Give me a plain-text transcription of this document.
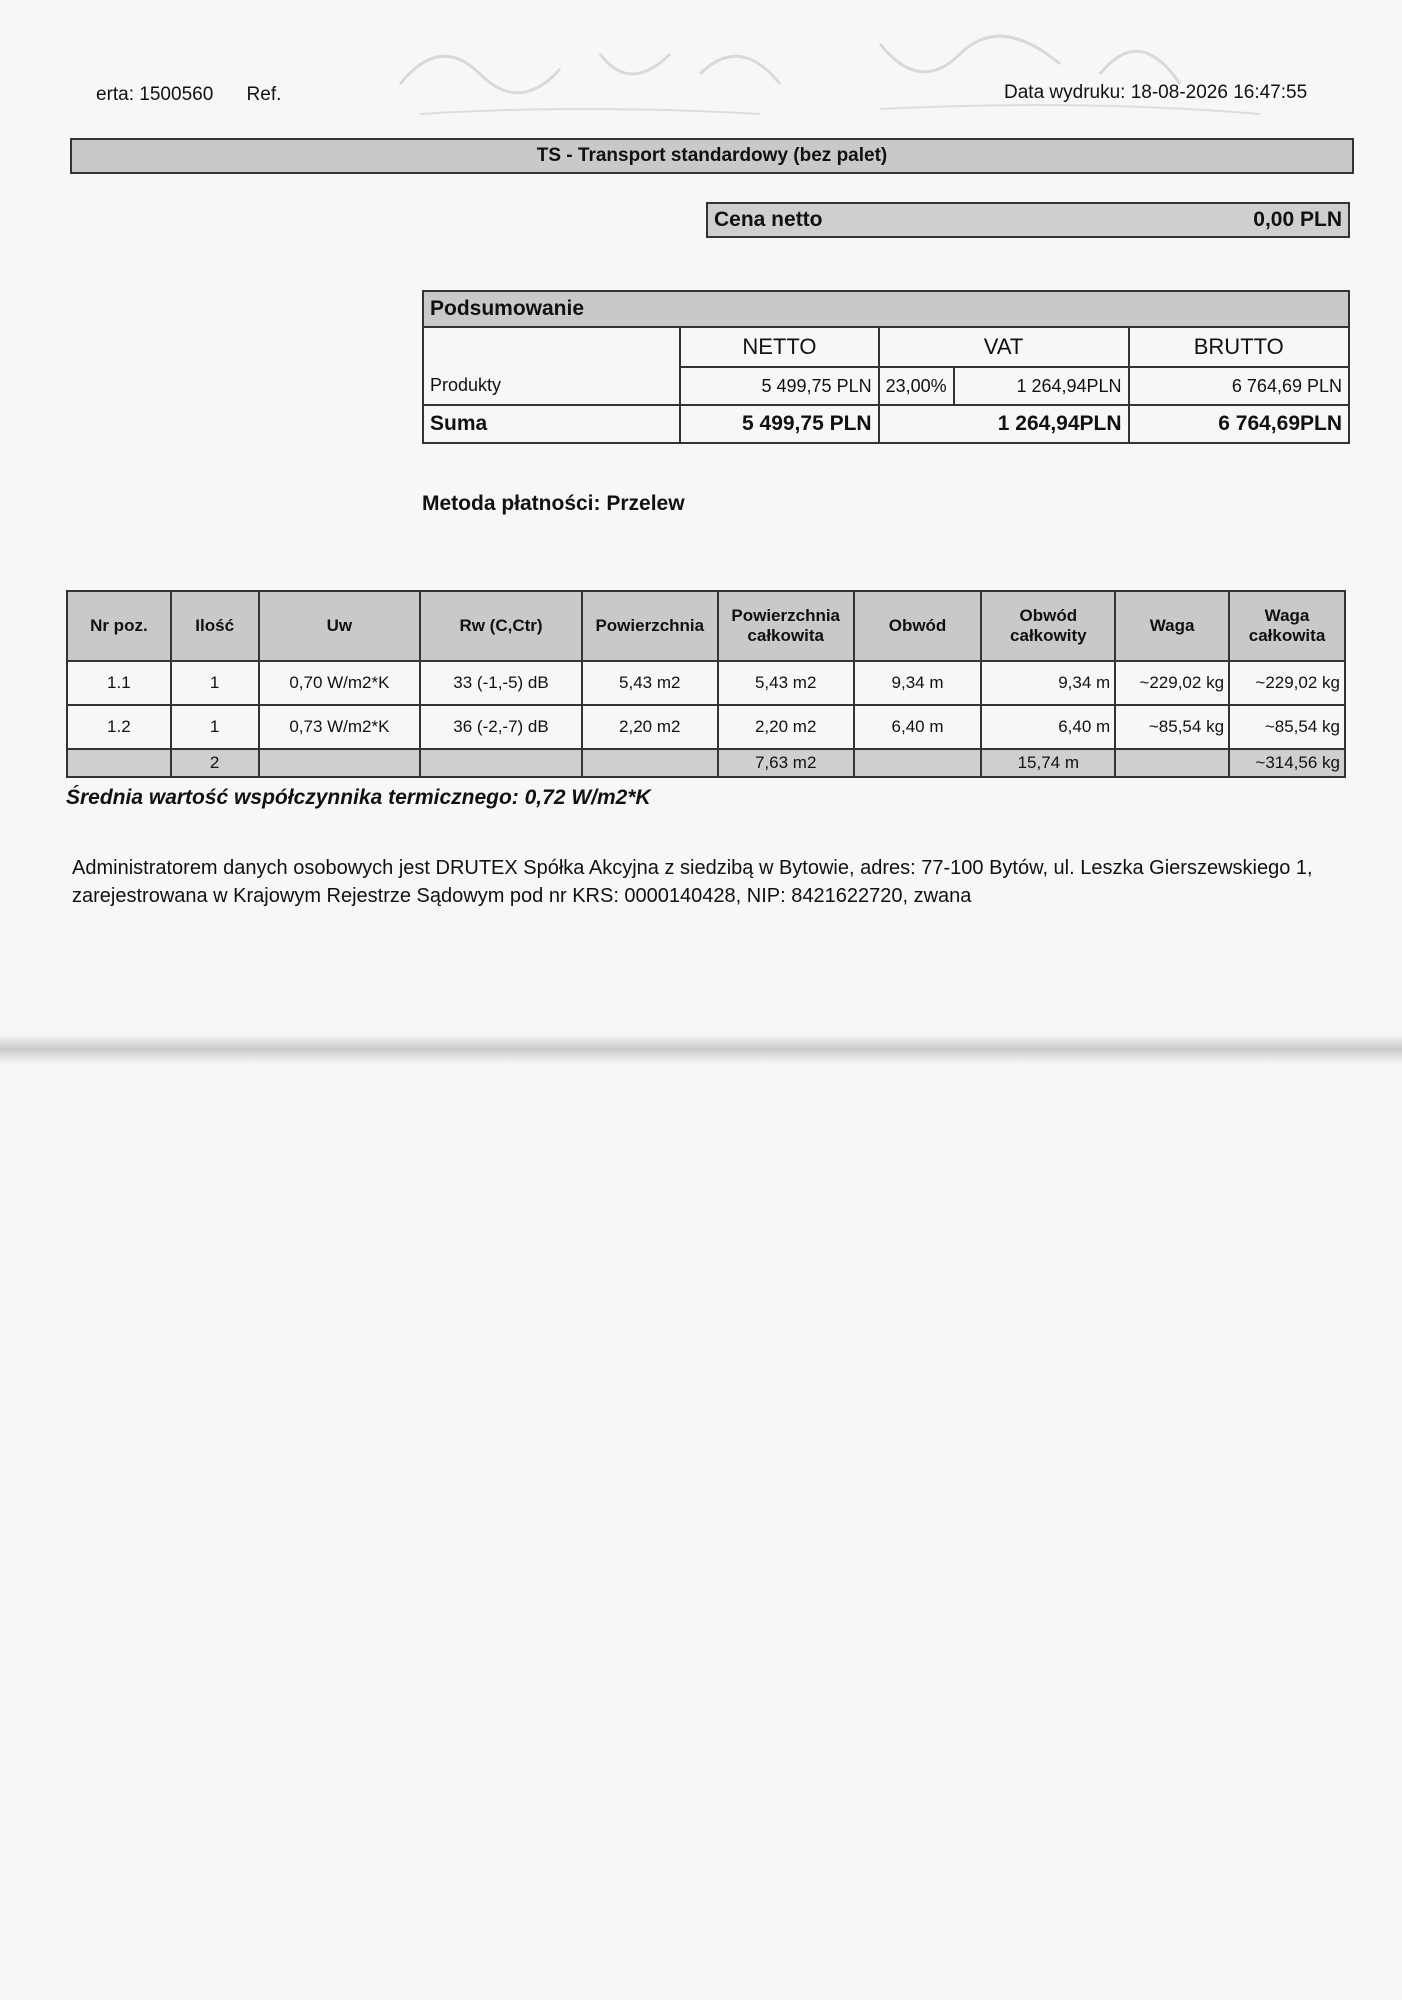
erta: 1500560 Ref.	Data wydruku: 18-08-2026 16:47:55
TS - Transport standardowy (bez palet)
Cena netto	0,00 PLN
Podsumowanie				
	NETTO	VAT		BRUTTO
Produkty	5 499,75 PLN	23,00%	1 264,94PLN	6 764,69 PLN
Suma	5 499,75 PLN	1 264,94PLN		6 764,69PLN
Metoda płatności: Przelew
Nr poz.	Ilość	Uw	Rw (C,Ctr)	Powierzchnia	Powierzchnia całkowita	Obwód	Obwód całkowity	Waga	Waga całkowita
1.1	1	0,70 W/m2*K	33 (-1,-5) dB	5,43 m2	5,43 m2	9,34 m	9,34 m	~229,02 kg	~229,02 kg
1.2	1	0,73 W/m2*K	36 (-2,-7) dB	2,20 m2	2,20 m2	6,40 m	6,40 m	~85,54 kg	~85,54 kg
	2				7,63 m2		15,74 m		~314,56 kg
Średnia wartość współczynnika termicznego: 0,72 W/m2*K
Administratorem danych osobowych jest DRUTEX Spółka Akcyjna z siedzibą w Bytowie, adres: 77-100 Bytów, ul. Leszka Gierszewskiego 1, zarejestrowana w Krajowym Rejestrze Sądowym pod nr KRS: 0000140428, NIP: 8421622720, zwana
